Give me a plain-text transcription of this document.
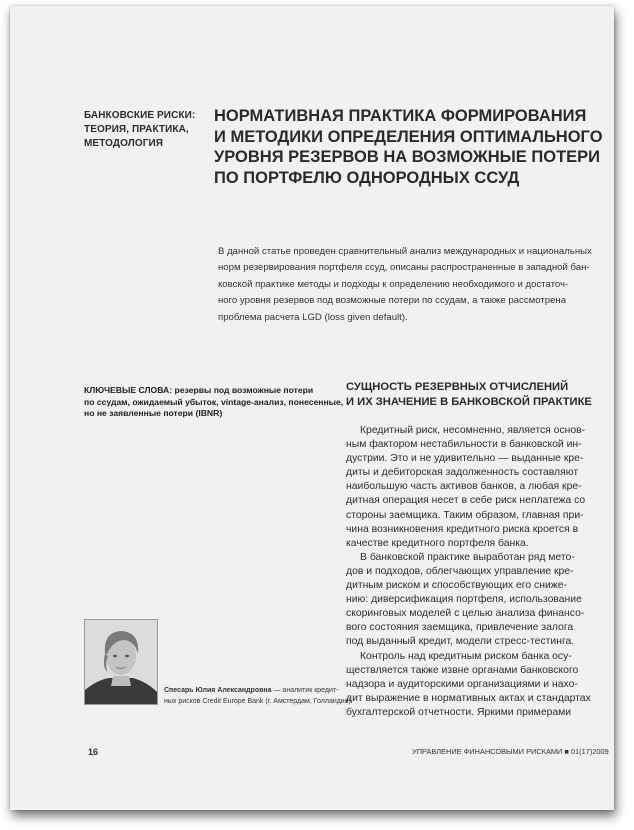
БАНКОВСКИЕ РИСКИ:
ТЕОРИЯ, ПРАКТИКА,
МЕТОДОЛОГИЯ
НОРМАТИВНАЯ ПРАКТИКА ФОРМИРОВАНИЯ
И МЕТОДИКИ ОПРЕДЕЛЕНИЯ ОПТИМАЛЬНОГО
УРОВНЯ РЕЗЕРВОВ НА ВОЗМОЖНЫЕ ПОТЕРИ
ПО ПОРТФЕЛЮ ОДНОРОДНЫХ ССУД
В данной статье проведен сравнительный анализ международных и национальных
норм резервирования портфеля ссуд, описаны распространенные в западной бан-
ковской практике методы и подходы к определению необходимого и достаточ-
ного уровня резервов под возможные потери по ссудам, а также рассмотрена
проблема расчета LGD (loss given default).
КЛЮЧЕВЫЕ СЛОВА: резервы под возможные потери
по ссудам, ожидаемый убыток, vintage-анализ, понесенные,
но не заявленные потери (IBNR)
СУЩНОСТЬ РЕЗЕРВНЫХ ОТЧИСЛЕНИЙ
И ИХ ЗНАЧЕНИЕ В БАНКОВСКОЙ ПРАКТИКЕ
Кредитный риск, несомненно, является основ-
ным фактором нестабильности в банковской ин-
дустрии. Это и не удивительно — выданные кре-
диты и дебиторская задолженность составляют
наибольшую часть активов банков, а любая кре-
дитная операция несет в себе риск неплатежа со
стороны заемщика. Таким образом, главная при-
чина возникновения кредитного риска кроется в
качестве кредитного портфеля банка.
В банковской практике выработан ряд мето-
дов и подходов, облегчающих управление кре-
дитным риском и способствующих его сниже-
нию: диверсификация портфеля, использование
скоринговых моделей с целью анализа финансо-
вого состояния заемщика, привлечение залога
под выданный кредит, модели стресс-тестинга.
Контроль над кредитным риском банка осу-
ществляется также извне органами банковского
надзора и аудиторскими организациями и нахо-
дит выражение в нормативных актах и стандартах
бухгалтерской отчетности. Яркими примерами
Спесарь Юлия Александровна — аналитик кредит-
ных рисков Credit Europe Bank (г. Амстердам, Голландия)
16	УПРАВЛЕНИЕ ФИНАНСОВЫМИ РИСКАМИ ■ 01(17)2009
